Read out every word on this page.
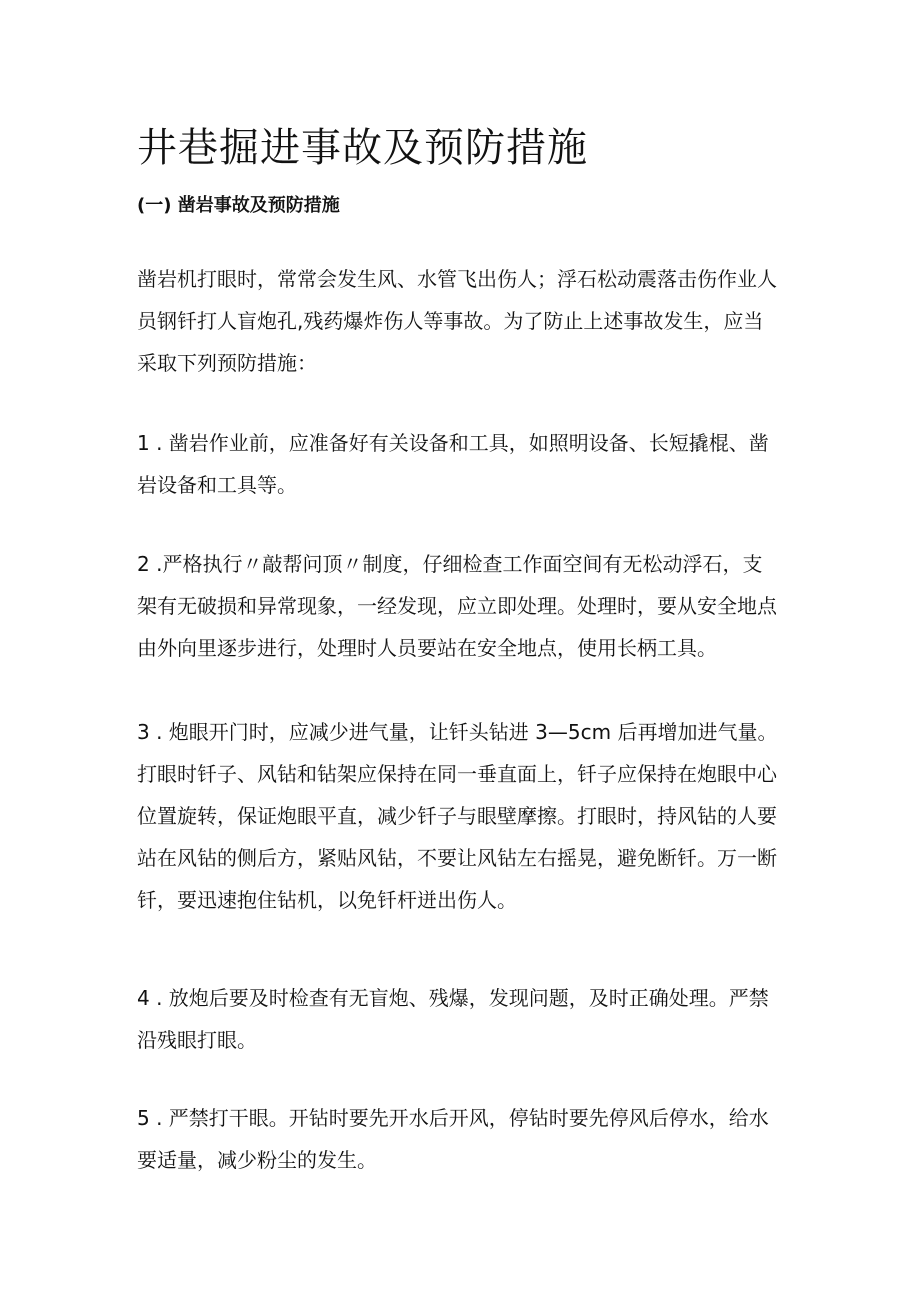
井巷掘进事故及预防措施
(一) 凿岩事故及预防措施

凿岩机打眼时，常常会发生风、水管飞出伤人；浮石松动震落击伤作业人
员钢钎打人盲炮孔,残药爆炸伤人等事故。为了防止上述事故发生，应当
采取下列预防措施：

1 . 凿岩作业前，应准备好有关设备和工具，如照明设备、长短撬棍、凿
岩设备和工具等。

2 .严格执行〃敲帮问顶〃制度，仔细检查工作面空间有无松动浮石，支
架有无破损和异常现象，一经发现，应立即处理。处理时，要从安全地点
由外向里逐步进行，处理时人员要站在安全地点，使用长柄工具。

3 . 炮眼开门时，应减少进气量，让钎头钻进 3—5cm 后再增加进气量。
打眼时钎子、风钻和钻架应保持在同一垂直面上，钎子应保持在炮眼中心
位置旋转，保证炮眼平直，减少钎子与眼壁摩擦。打眼时，持风钻的人要
站在风钻的侧后方，紧贴风钻，不要让风钻左右摇晃，避免断钎。万一断
钎，要迅速抱住钻机，以免钎杆迸出伤人。

4 . 放炮后要及时检查有无盲炮、残爆，发现问题，及时正确处理。严禁
沿残眼打眼。

5 . 严禁打干眼。开钻时要先开水后开风，停钻时要先停风后停水，给水
要适量，减少粉尘的发生。
